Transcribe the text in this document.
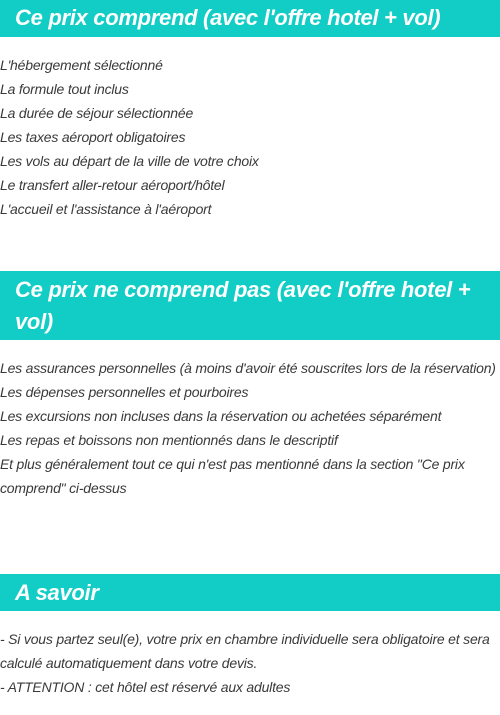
Ce prix comprend (avec l'offre hotel + vol)
L'hébergement sélectionné
La formule tout inclus
La durée de séjour sélectionnée
Les taxes aéroport obligatoires
Les vols au départ de la ville de votre choix
Le transfert aller-retour aéroport/hôtel
L'accueil et l'assistance à l'aéroport
Ce prix ne comprend pas (avec l'offre hotel + vol)
Les assurances personnelles (à moins d'avoir été souscrites lors de la réservation)
Les dépenses personnelles et pourboires
Les excursions non incluses dans la réservation ou achetées séparément
Les repas et boissons non mentionnés dans le descriptif
Et plus généralement tout ce qui n'est pas mentionné dans la section "Ce prix comprend" ci-dessus
A savoir
- Si vous partez seul(e), votre prix en chambre individuelle sera obligatoire et sera calculé automatiquement dans votre devis.
- ATTENTION : cet hôtel est réservé aux adultes
